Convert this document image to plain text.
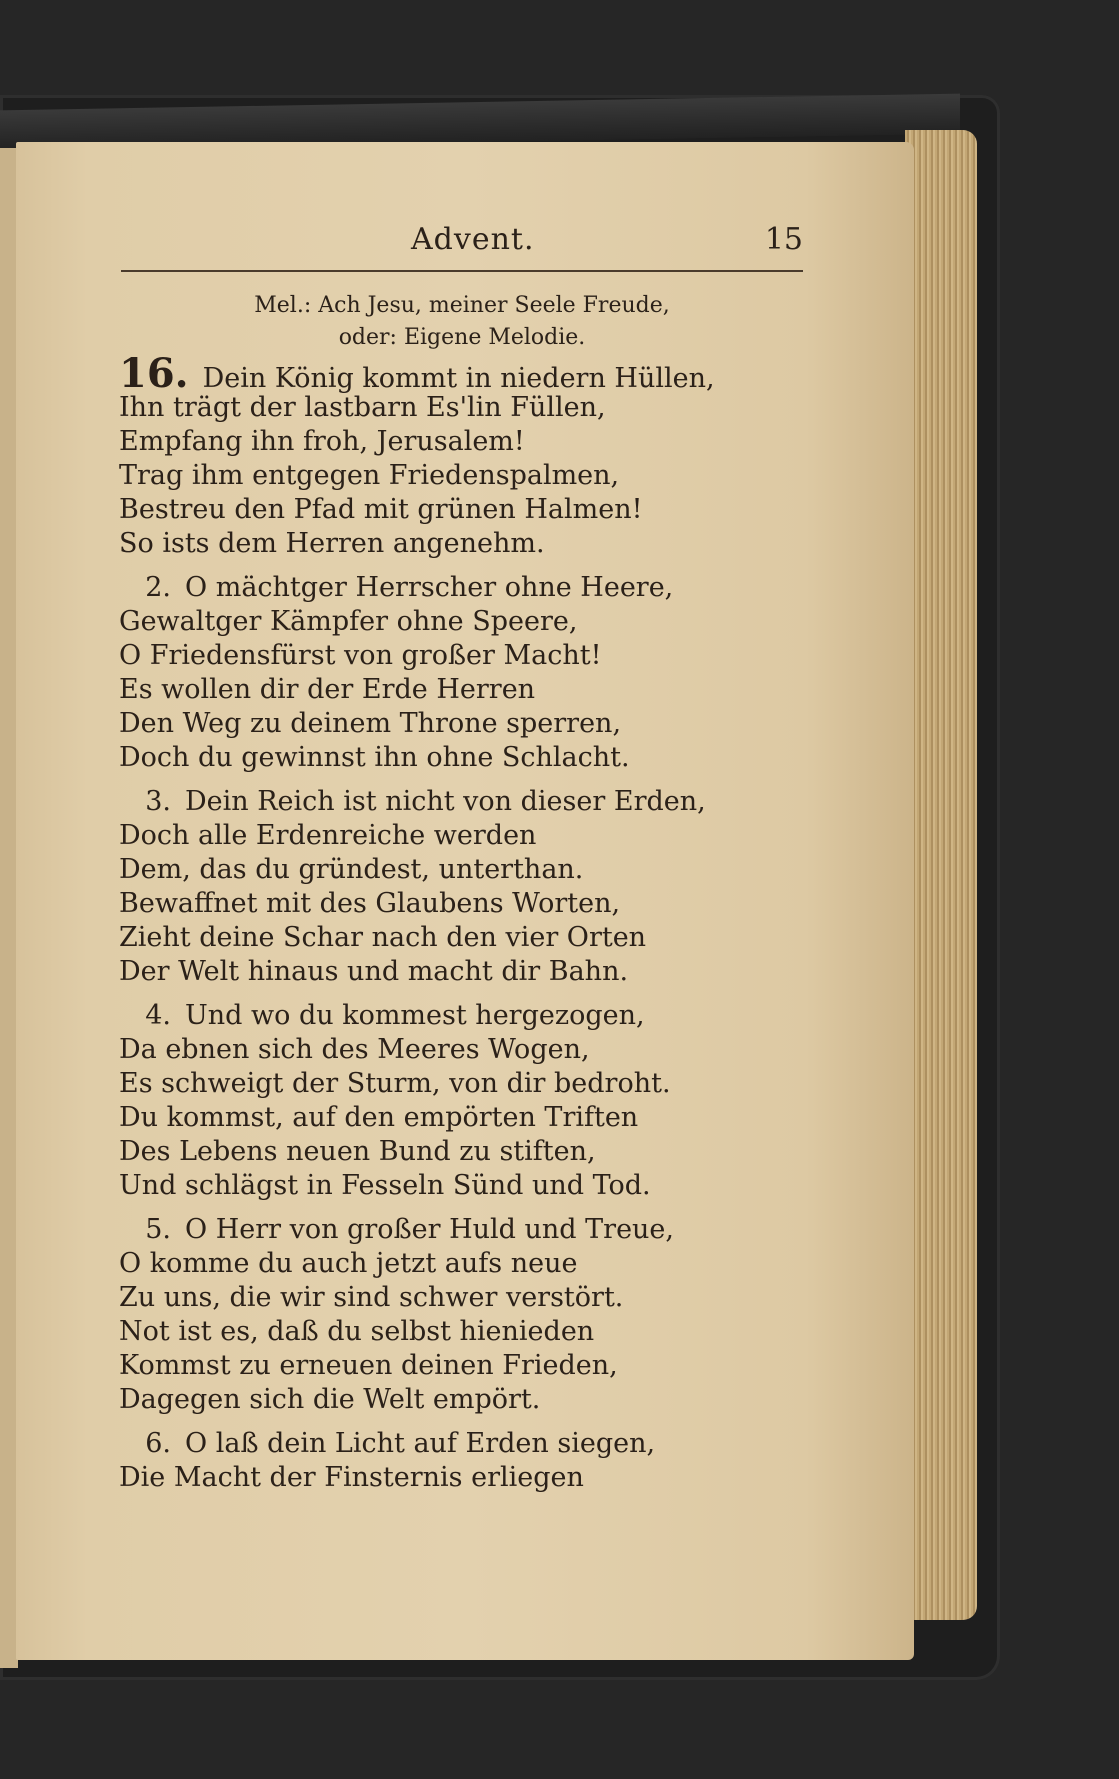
Advent.	15
Mel.: Ach Jesu, meiner Seele Freude,
oder: Eigene Melodie.
16. Dein König kommt in niedern Hüllen,
Ihn trägt der lastbarn Es'lin Füllen,
Empfang ihn froh, Jerusalem!
Trag ihm entgegen Friedenspalmen,
Bestreu den Pfad mit grünen Halmen!
So ists dem Herren angenehm.
2. O mächtger Herrscher ohne Heere,
Gewaltger Kämpfer ohne Speere,
O Friedensfürst von großer Macht!
Es wollen dir der Erde Herren
Den Weg zu deinem Throne sperren,
Doch du gewinnst ihn ohne Schlacht.
3. Dein Reich ist nicht von dieser Erden,
Doch alle Erdenreiche werden
Dem, das du gründest, unterthan.
Bewaffnet mit des Glaubens Worten,
Zieht deine Schar nach den vier Orten
Der Welt hinaus und macht dir Bahn.
4. Und wo du kommest hergezogen,
Da ebnen sich des Meeres Wogen,
Es schweigt der Sturm, von dir bedroht.
Du kommst, auf den empörten Triften
Des Lebens neuen Bund zu stiften,
Und schlägst in Fesseln Sünd und Tod.
5. O Herr von großer Huld und Treue,
O komme du auch jetzt aufs neue
Zu uns, die wir sind schwer verstört.
Not ist es, daß du selbst hienieden
Kommst zu erneuen deinen Frieden,
Dagegen sich die Welt empört.
6. O laß dein Licht auf Erden siegen,
Die Macht der Finsternis erliegen
